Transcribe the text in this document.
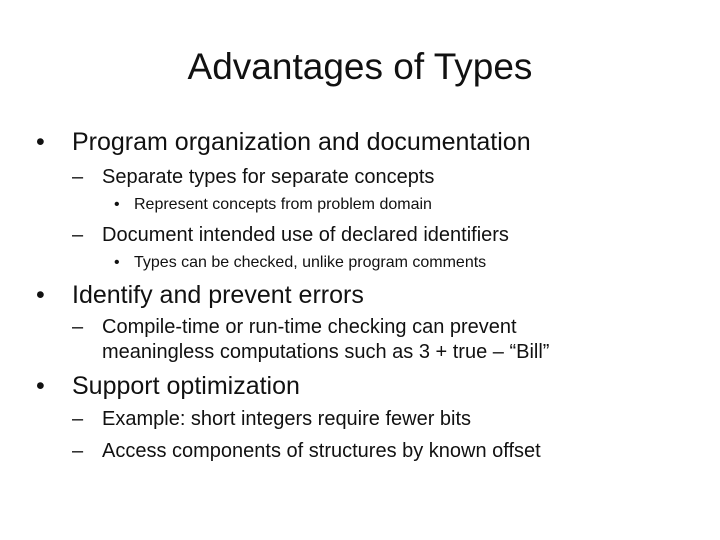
Advantages of Types
• Program organization and documentation
– Separate types for separate concepts
• Represent concepts from problem domain
– Document intended use of declared identifiers
• Types can be checked, unlike program comments
• Identify and prevent errors
– Compile-time or run-time checking can prevent
meaningless computations such as 3 + true – “Bill”
• Support optimization
– Example: short integers require fewer bits
– Access components of structures by known offset
